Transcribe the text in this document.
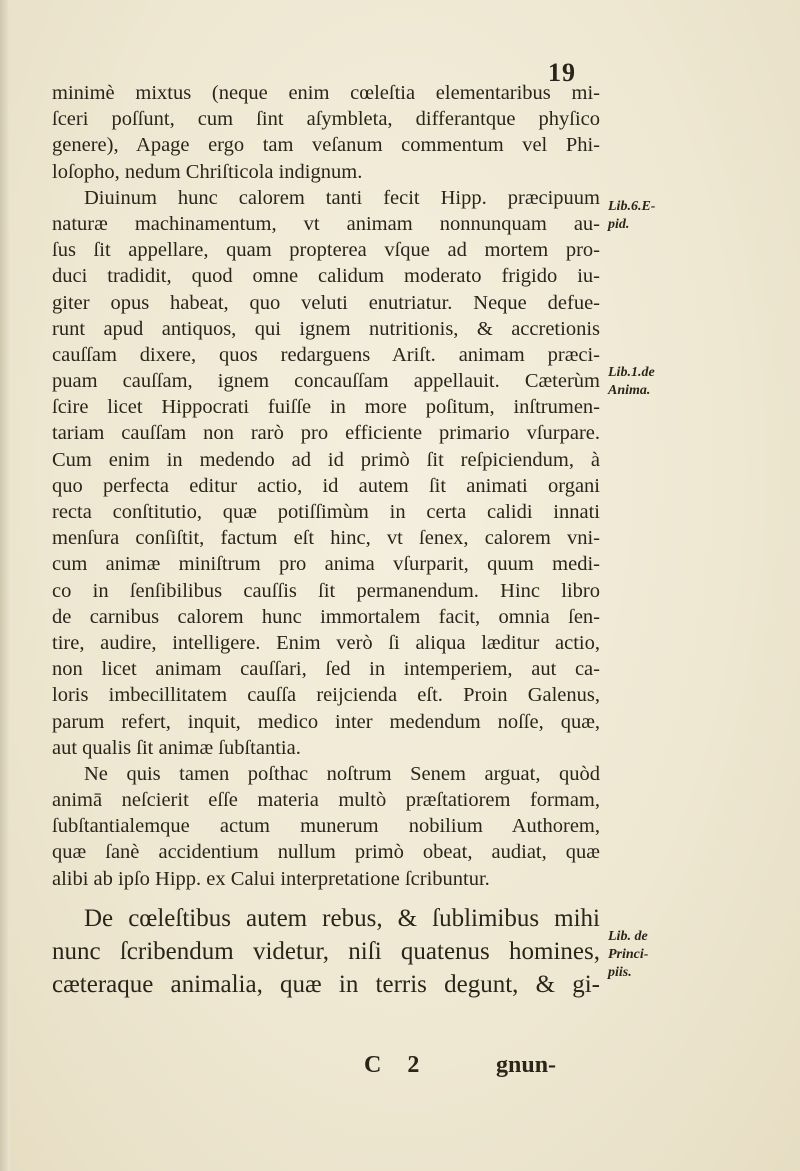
19
minimè mixtus (neque enim cœleſtia elementaribus mi-
ſceri poſſunt, cum ſint aſymbleta, differantque phyſico
genere), Apage ergo tam veſanum commentum vel Phi-
loſopho, nedum Chriſticola indignum.
Diuinum hunc calorem tanti fecit Hipp. præcipuum
naturæ machinamentum, vt animam nonnunquam au-
ſus ſit appellare, quam propterea vſque ad mortem pro-
duci tradidit, quod omne calidum moderato frigido iu-
giter opus habeat, quo veluti enutriatur. Neque defue-
runt apud antiquos, qui ignem nutritionis, & accretionis
cauſſam dixere, quos redarguens Ariſt. animam præci-
puam cauſſam, ignem concauſſam appellauit. Cæterùm
ſcire licet Hippocrati fuiſſe in more poſitum, inſtrumen-
tariam cauſſam non rarò pro efficiente primario vſurpare.
Cum enim in medendo ad id primò ſit reſpiciendum, à
quo perfecta editur actio, id autem ſit animati organi
recta conſtitutio, quæ potiſſimùm in certa calidi innati
menſura conſiſtit, factum eſt hinc, vt ſenex, calorem vni-
cum animæ miniſtrum pro anima vſurparit, quum medi-
co in ſenſibilibus cauſſis ſit permanendum. Hinc libro
de carnibus calorem hunc immortalem facit, omnia ſen-
tire, audire, intelligere. Enim verò ſi aliqua læditur actio,
non licet animam cauſſari, ſed in intemperiem, aut ca-
loris imbecillitatem cauſſa reijcienda eſt. Proin Galenus,
parum refert, inquit, medico inter medendum noſſe, quæ,
aut qualis ſit animæ ſubſtantia.
Ne quis tamen poſthac noſtrum Senem arguat, quòd
animā neſcierit eſſe materia multò præſtatiorem formam,
ſubſtantialemque actum munerum nobilium Authorem,
quæ ſanè accidentium nullum primò obeat, audiat, quæ
alibi ab ipſo Hipp. ex Calui interpretatione ſcribuntur.
De cœleſtibus autem rebus, & ſublimibus mihi
nunc ſcribendum videtur, niſi quatenus homines,
cæteraque animalia, quæ in terris degunt, & gi-
Lib.6.E-
pid.
Lib.1.de
Anima.
Lib. de
Princi-
piis.
C 2	gnun-
